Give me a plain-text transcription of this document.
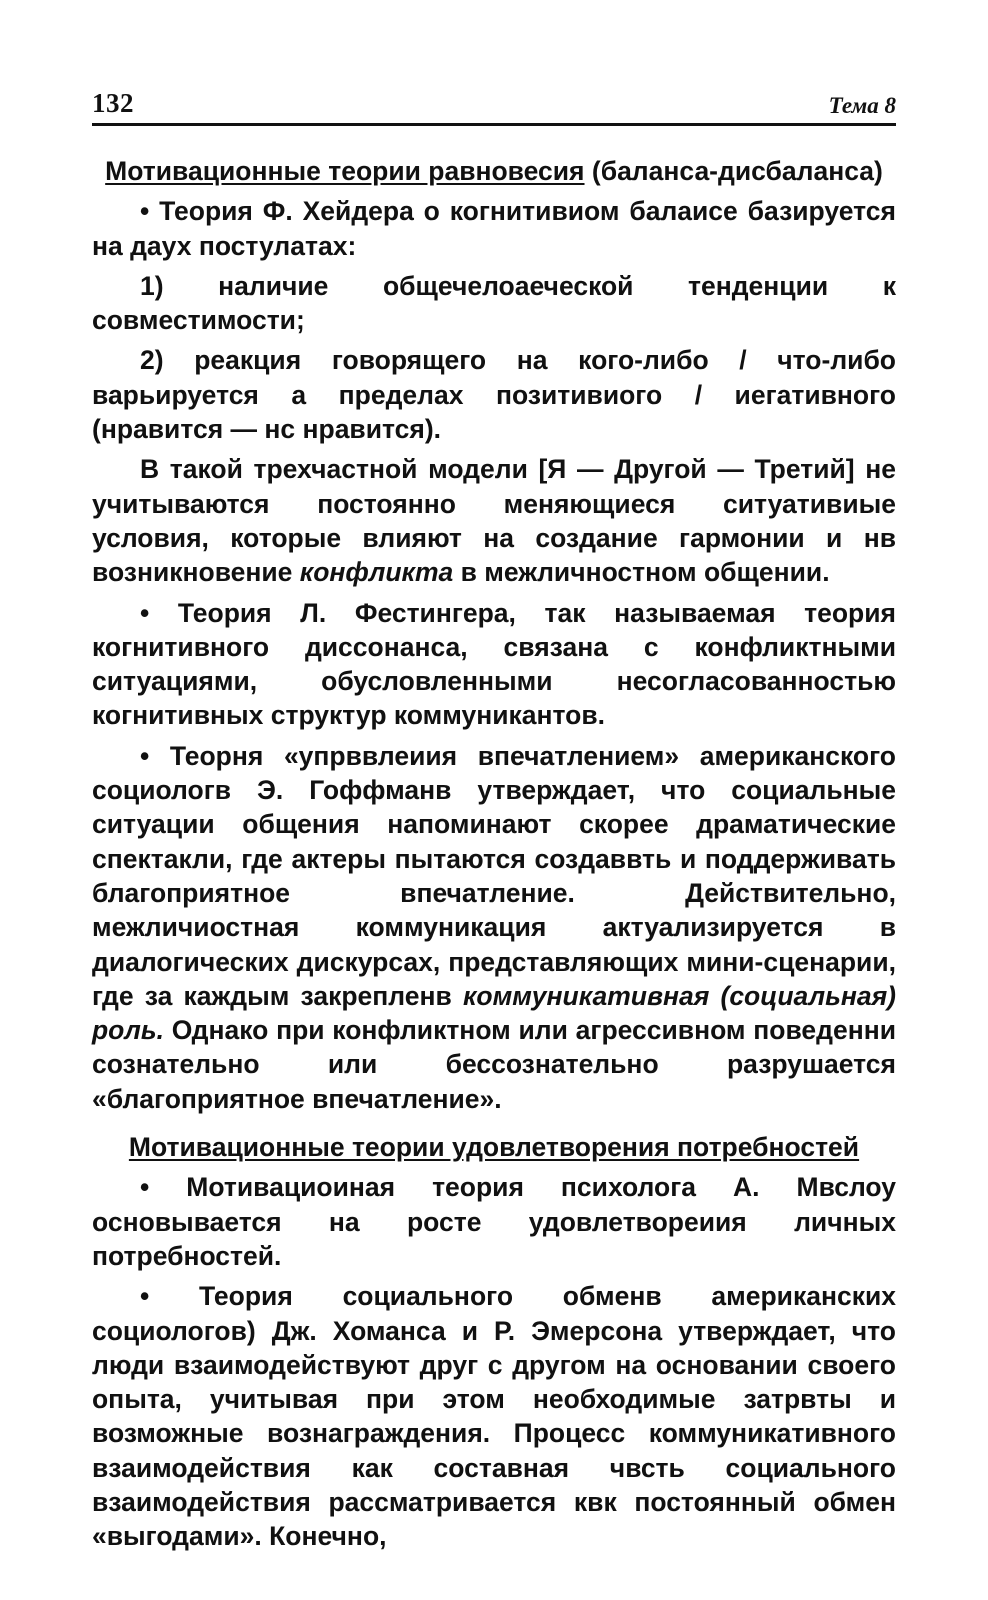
132	Тема 8

Мотивационные теории равновесия (баланса-дисбаланса)

• Теория Ф. Хейдера о когнитивиом балаисе базируется на даух постулатах:

1) наличие общечелоаеческой тенденции к совместимости;

2) реакция говорящего на кого-либо / что-либо варьируется а пределах позитивиого / иегативного (нравится — нс нравится).

В такой трехчастной модели [Я — Другой — Третий] не учитываются постоянно меняющиеся ситуативиые условия, которые влияют на создание гармонии и нв возникновение конфликта в межличностном общении.

• Теория Л. Фестингера, так называемая теория когнитивного диссонанса, связана с конфликтными ситуациями, обусловленными несогласованностью когнитивных структур коммуникантов.

• Теорня «упрввлеиия впечатлением» американского социологв Э. Гоффманв утверждает, что социальные ситуации общения напоминают скорее драматические спектакли, где актеры пытаются создаввть и поддерживать благоприятное впечатление. Действительно, межличиостная коммуникация актуализируется в диалогических дискурсах, представляющих мини-сценарии, где за каждым закрепленв коммуникативная (социальная) роль. Однако при конфликтном или агрессивном поведенни сознательно или бессознательно разрушается «благоприятное впечатление».

Мотивационные теории удовлетворения потребностей

• Мотивациоиная теория психолога А. Мвслоу основывается на росте удовлетвореиия личных потребностей.

• Теория социального обменв американских социологов) Дж. Хоманса и Р. Эмерсона утверждает, что люди взаимодействуют друг с другом на основании своего опыта, учитывая при этом необходимые затрвты и возможные вознаграждения. Процесс коммуникативного взаимодействия как составная чвсть социального взаимодействия рассматривается квк постоянный обмен «выгодами». Конечно,
